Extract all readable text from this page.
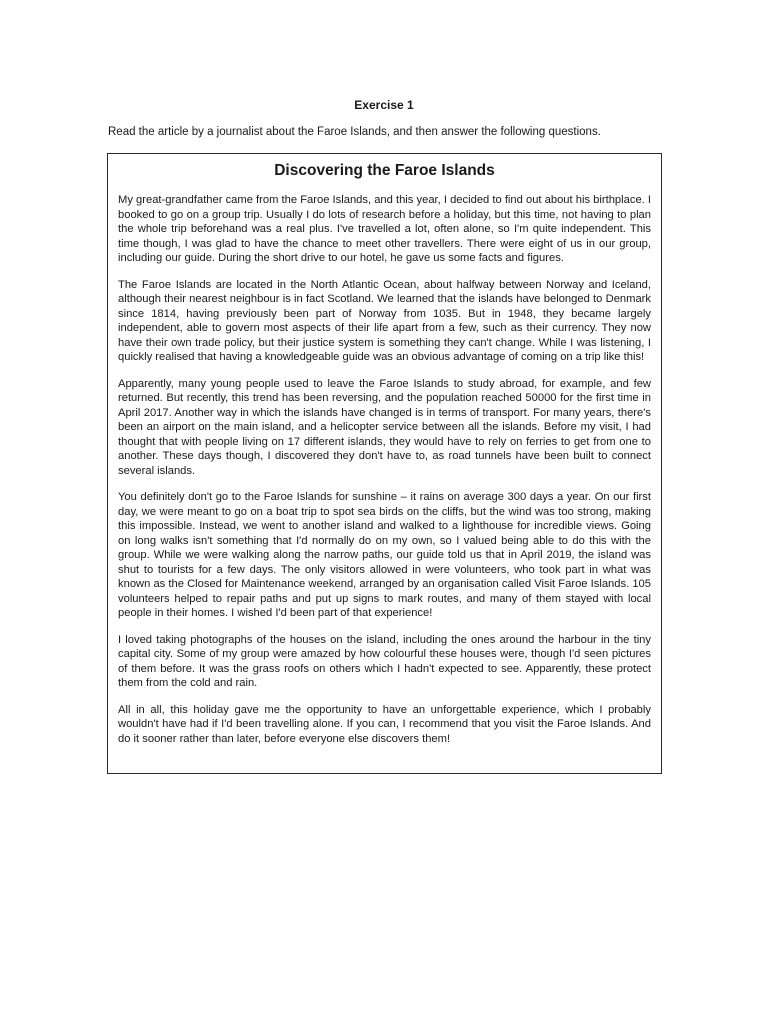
Exercise 1
Read the article by a journalist about the Faroe Islands, and then answer the following questions.
Discovering the Faroe Islands

My great-grandfather came from the Faroe Islands, and this year, I decided to find out about his birthplace. I booked to go on a group trip. Usually I do lots of research before a holiday, but this time, not having to plan the whole trip beforehand was a real plus. I've travelled a lot, often alone, so I'm quite independent. This time though, I was glad to have the chance to meet other travellers. There were eight of us in our group, including our guide. During the short drive to our hotel, he gave us some facts and figures.

The Faroe Islands are located in the North Atlantic Ocean, about halfway between Norway and Iceland, although their nearest neighbour is in fact Scotland. We learned that the islands have belonged to Denmark since 1814, having previously been part of Norway from 1035. But in 1948, they became largely independent, able to govern most aspects of their life apart from a few, such as their currency. They now have their own trade policy, but their justice system is something they can't change. While I was listening, I quickly realised that having a knowledgeable guide was an obvious advantage of coming on a trip like this!

Apparently, many young people used to leave the Faroe Islands to study abroad, for example, and few returned. But recently, this trend has been reversing, and the population reached 50000 for the first time in April 2017. Another way in which the islands have changed is in terms of transport. For many years, there's been an airport on the main island, and a helicopter service between all the islands. Before my visit, I had thought that with people living on 17 different islands, they would have to rely on ferries to get from one to another. These days though, I discovered they don't have to, as road tunnels have been built to connect several islands.

You definitely don't go to the Faroe Islands for sunshine – it rains on average 300 days a year. On our first day, we were meant to go on a boat trip to spot sea birds on the cliffs, but the wind was too strong, making this impossible. Instead, we went to another island and walked to a lighthouse for incredible views. Going on long walks isn't something that I'd normally do on my own, so I valued being able to do this with the group. While we were walking along the narrow paths, our guide told us that in April 2019, the island was shut to tourists for a few days. The only visitors allowed in were volunteers, who took part in what was known as the Closed for Maintenance weekend, arranged by an organisation called Visit Faroe Islands. 105 volunteers helped to repair paths and put up signs to mark routes, and many of them stayed with local people in their homes. I wished I'd been part of that experience!

I loved taking photographs of the houses on the island, including the ones around the harbour in the tiny capital city. Some of my group were amazed by how colourful these houses were, though I'd seen pictures of them before. It was the grass roofs on others which I hadn't expected to see. Apparently, these protect them from the cold and rain.

All in all, this holiday gave me the opportunity to have an unforgettable experience, which I probably wouldn't have had if I'd been travelling alone. If you can, I recommend that you visit the Faroe Islands. And do it sooner rather than later, before everyone else discovers them!
